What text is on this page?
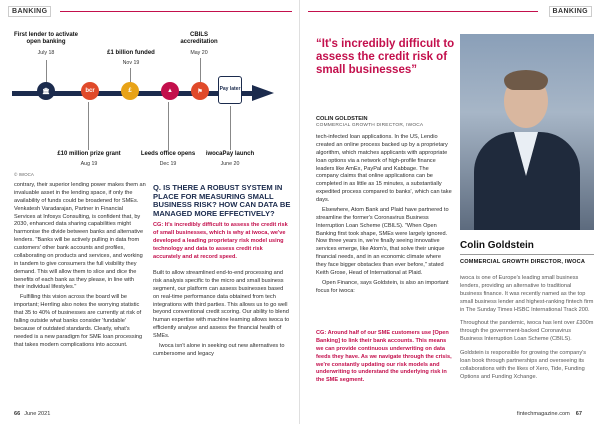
BANKING
First lender to activate open banking
July 18
🏛	bcr
£1 billion funded
Nov 19
£	▲
CBILS accreditation
May 20
⚑	Pay later
£10 million prize grant
Aug 19
Leeds office opens
Dec 19
iwocaPay launch
June 20
© IWOCA

contrary, their superior lending power makes them an invaluable asset in the lending space, if only the availability of funds could be broadened for SMEs. Venkatesh Varadarajan, Partner in Financial Services at Infosys Consulting, is confident that, by 2030, enhanced data sharing capabilities might harmonise the divide between banks and alternative lenders. "Banks will be actively pulling in data from customers' other bank accounts and profiles, collaborating on products and services, and working in tandem to give consumers the full visibility they demand. This will allow them to slice and dice the benefits of each bank as they please, in line with their individual lifestyles."

Fulfilling this vision across the board will be important; Herrling also notes the worrying statistic that 35 to 40% of businesses are currently at risk of falling outside what banks consider 'fundable' because of outdated standards. Clearly, what's needed is a new paradigm for SME loan processing that takes modern complications into account.

Q. IS THERE A ROBUST SYSTEM IN PLACE FOR MEASURING SMALL BUSINESS RISK? HOW CAN DATA BE MANAGED MORE EFFECTIVELY?
CG: It's incredibly difficult to assess the credit risk of small businesses, which is why at iwoca, we've developed a leading proprietary risk model using technology and data to assess credit risk accurately and at record speed.

Built to allow streamlined end-to-end processing and risk analysis specific to the micro and small business segment, our platform can assess businesses based on real-time performance data obtained from tech integrations with third parties. This allows us to go well beyond conventional credit scoring. Our ability to blend human expertise with machine learning allows iwoca to efficiently analyse and assess the financial health of SMEs.

Iwoca isn't alone in seeking out new alternatives to cumbersome and legacy

66 June 2021
BANKING
“It's incredibly difficult to assess the credit risk of small businesses”
COLIN GOLDSTEIN
COMMERCIAL GROWTH DIRECTOR, IWOCA

tech-infected loan applications. In the US, Lendio created an online process backed up by a proprietary algorithm, which matches applicants with appropriate loan options via a network of high-profile finance leaders like AmEx, PayPal and Kabbage. The company claims that online applications can be completed in as little as 15 minutes, a substantially expedited process compared to banks', which can take days.

Elsewhere, Atom Bank and Plaid have partnered to streamline the former's Coronavirus Business Interruption Loan Scheme (CBILS). "When Open Banking first took shape, SMEs were largely ignored. Now three years in, we're finally seeing innovative services emerge, like Atom's, that solve their unique financial needs, and in an economic climate where they face bigger obstacles than ever before," stated Keith Grose, Head of International at Plaid.

Open Finance, says Goldstein, is also an important focus for iwoca:

CG: Around half of our SME customers use [Open Banking] to link their bank accounts. This means we can provide continuous underwriting on data feeds they have. As we navigate through the crisis, we're constantly updating our risk models and underwriting to understand the underlying risk in the SME segment.
Colin Goldstein
COMMERCIAL GROWTH DIRECTOR, IWOCA

iwoca is one of Europe's leading small business lenders, providing an alternative to traditional business finance. It was recently named as the top small business lender and highest-ranking fintech firm in The Sunday Times HSBC International Track 200.

Throughout the pandemic, iwoca has lent over £300m through the government-backed Coronavirus Business Interruption Loan Scheme (CBILS).

Goldstein is responsible for growing the company's loan book through partnerships and overseeing its collaborations with the likes of Xero, Tide, Funding Options and Funding Xchange.

fintechmagazine.com 67
